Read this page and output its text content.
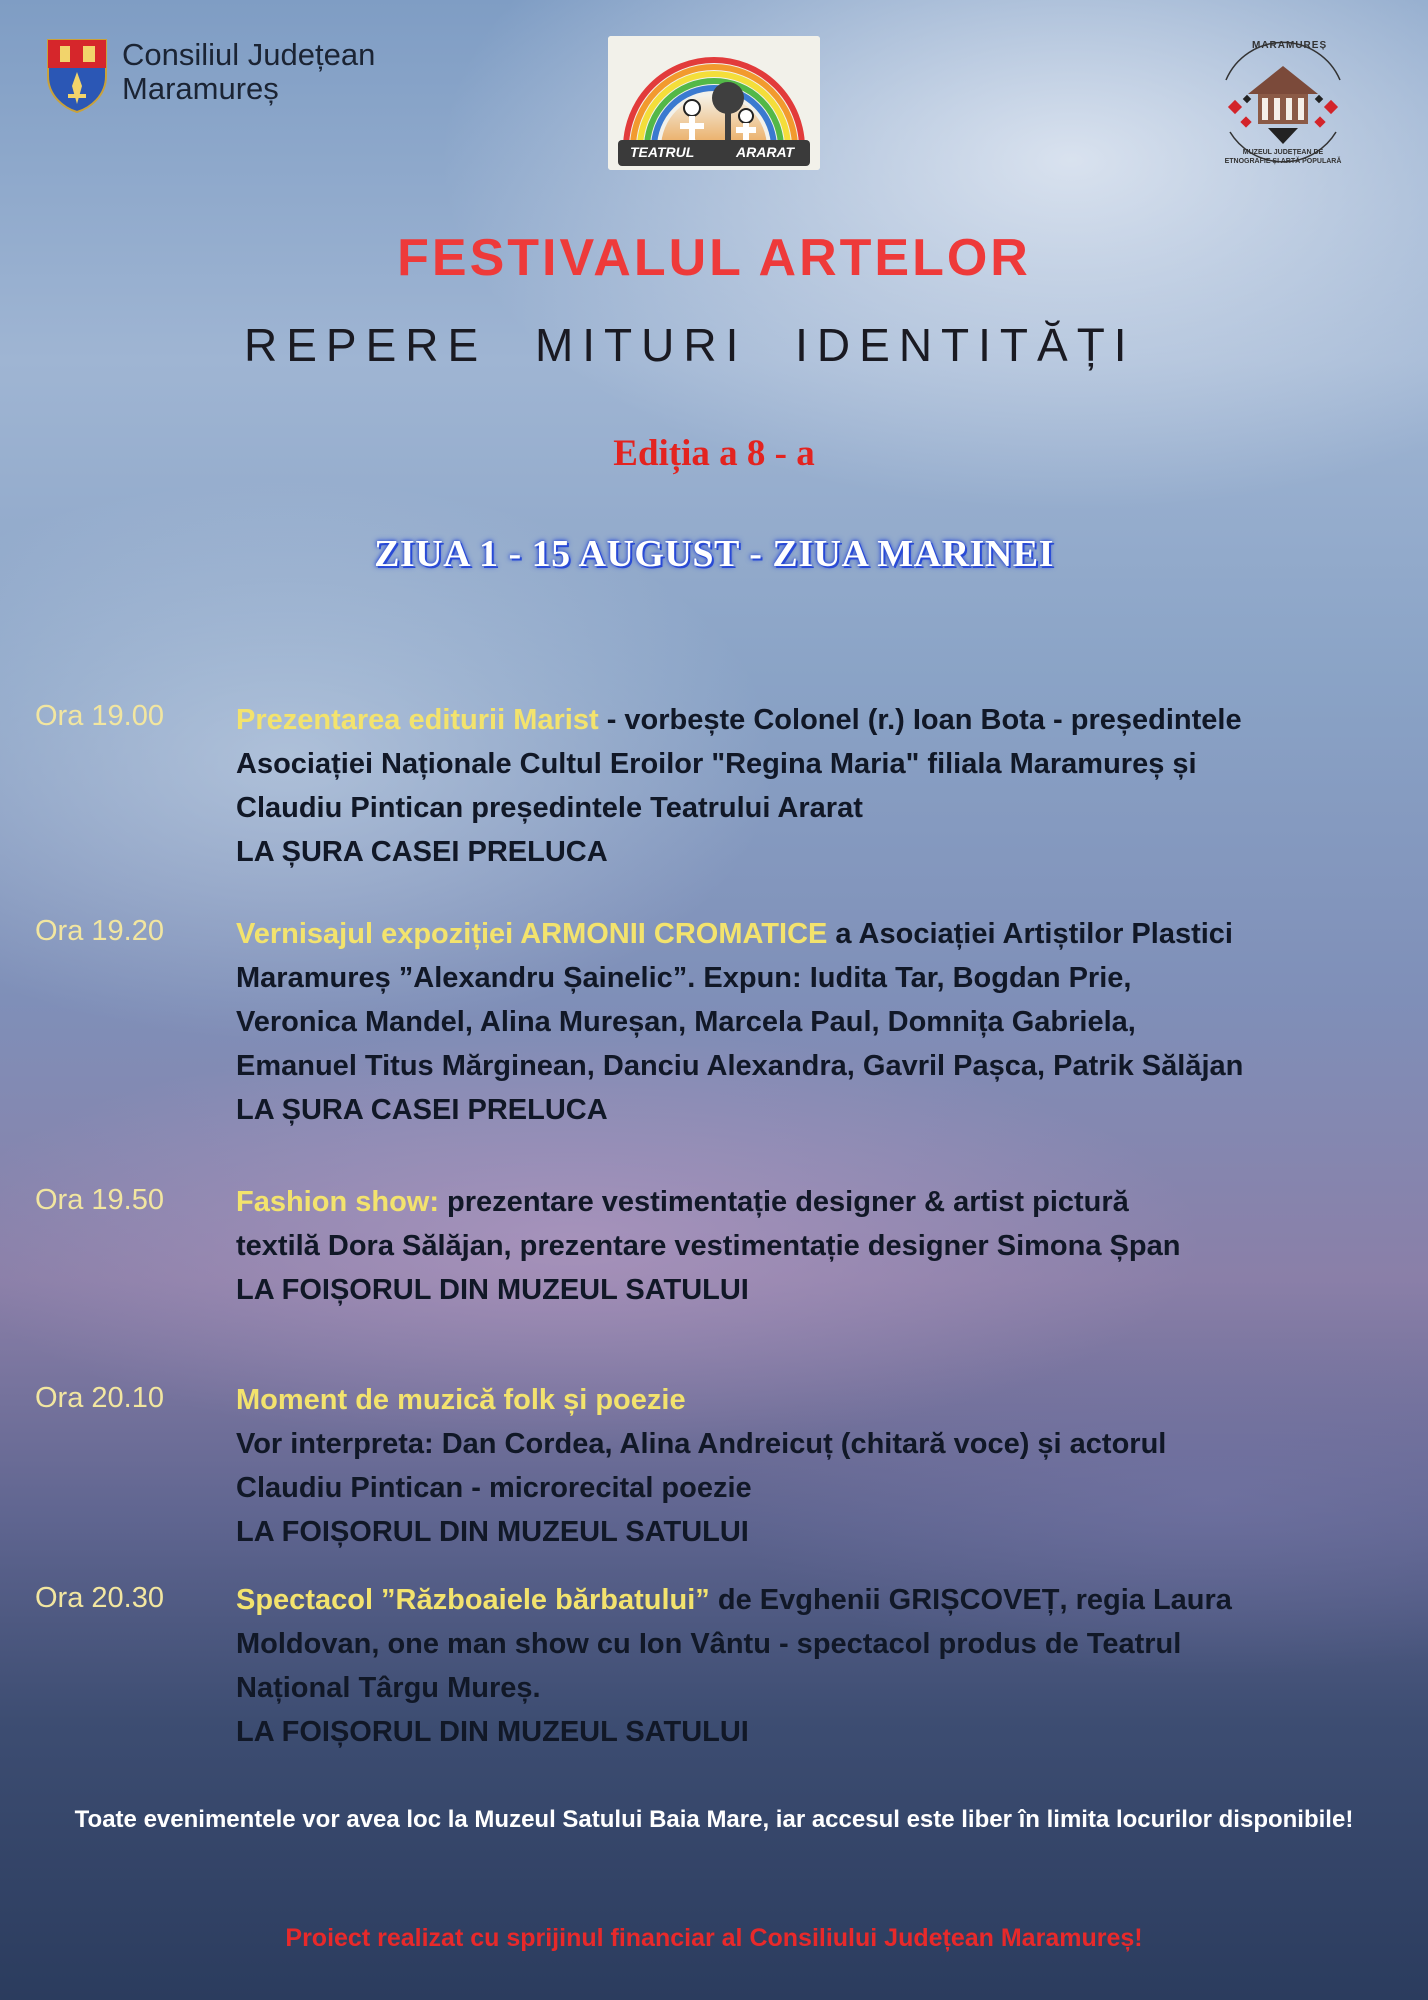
Consiliul Județean
Maramureș
TEATRUL	ARARAT
MARAMUREȘ
MUZEUL JUDEȚEAN DE ETNOGRAFIE ȘI ARTĂ POPULARĂ
FESTIVALUL ARTELOR
REPERE MITURI IDENTITĂȚI
Ediția a 8 - a
ZIUA 1 - 15 AUGUST - ZIUA MARINEI
Ora 19.00 Prezentarea editurii Marist - vorbește Colonel (r.) Ioan Bota - președintele
Asociației Naționale Cultul Eroilor "Regina Maria" filiala Maramureș și
Claudiu Pintican președintele Teatrului Ararat
LA ȘURA CASEI PRELUCA
Ora 19.20 Vernisajul expoziției ARMONII CROMATICE a Asociației Artiștilor Plastici
Maramureș ”Alexandru Șainelic”. Expun: Iudita Tar, Bogdan Prie,
Veronica Mandel, Alina Mureșan, Marcela Paul, Domnița Gabriela,
Emanuel Titus Mărginean, Danciu Alexandra, Gavril Pașca, Patrik Sălăjan
LA ȘURA CASEI PRELUCA
Ora 19.50 Fashion show: prezentare vestimentație designer & artist pictură
textilă Dora Sălăjan, prezentare vestimentație designer Simona Șpan
LA FOIȘORUL DIN MUZEUL SATULUI
Ora 20.10 Moment de muzică folk și poezie
Vor interpreta: Dan Cordea, Alina Andreicuț (chitară voce) și actorul
Claudiu Pintican - microrecital poezie
LA FOIȘORUL DIN MUZEUL SATULUI
Ora 20.30 Spectacol ”Războaiele bărbatului” de Evghenii GRIȘCOVEȚ, regia Laura
Moldovan, one man show cu Ion Vântu - spectacol produs de Teatrul
Național Târgu Mureș.
LA FOIȘORUL DIN MUZEUL SATULUI
Toate evenimentele vor avea loc la Muzeul Satului Baia Mare, iar accesul este liber în limita locurilor disponibile!
Proiect realizat cu sprijinul financiar al Consiliului Județean Maramureș!
